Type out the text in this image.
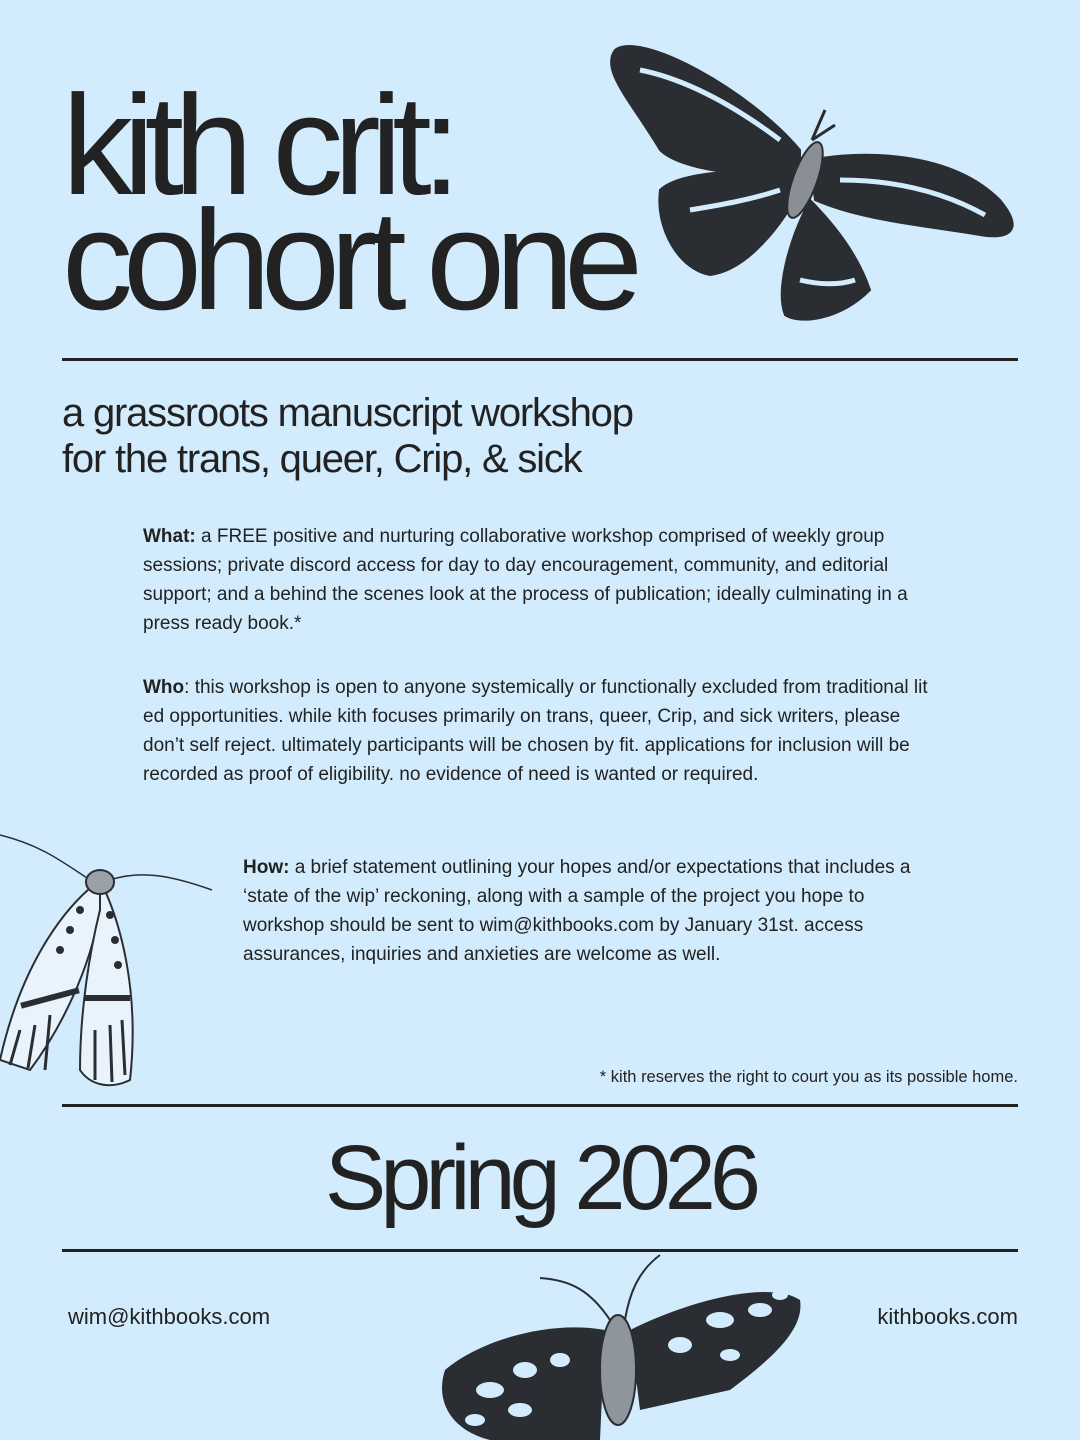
kith crit:
cohort one
a grassroots manuscript workshop
for the trans, queer, Crip, & sick

What: a FREE positive and nurturing collaborative workshop comprised of weekly group sessions; private discord access for day to day encouragement, community, and editorial support; and a behind the scenes look at the process of publication; ideally culminating in a press ready book.*

Who: this workshop is open to anyone systemically or functionally excluded from traditional lit ed opportunities. while kith focuses primarily on trans, queer, Crip, and sick writers, please don’t self reject. ultimately participants will be chosen by fit. applications for inclusion will be recorded as proof of eligibility. no evidence of need is wanted or required.

How: a brief statement outlining your hopes and/or expectations that includes a ‘state of the wip’ reckoning, along with a sample of the project you hope to workshop should be sent to wim@kithbooks.com by January 31st. access assurances, inquiries and anxieties are welcome as well.

* kith reserves the right to court you as its possible home.
Spring 2026
wim@kithbooks.com	kithbooks.com
